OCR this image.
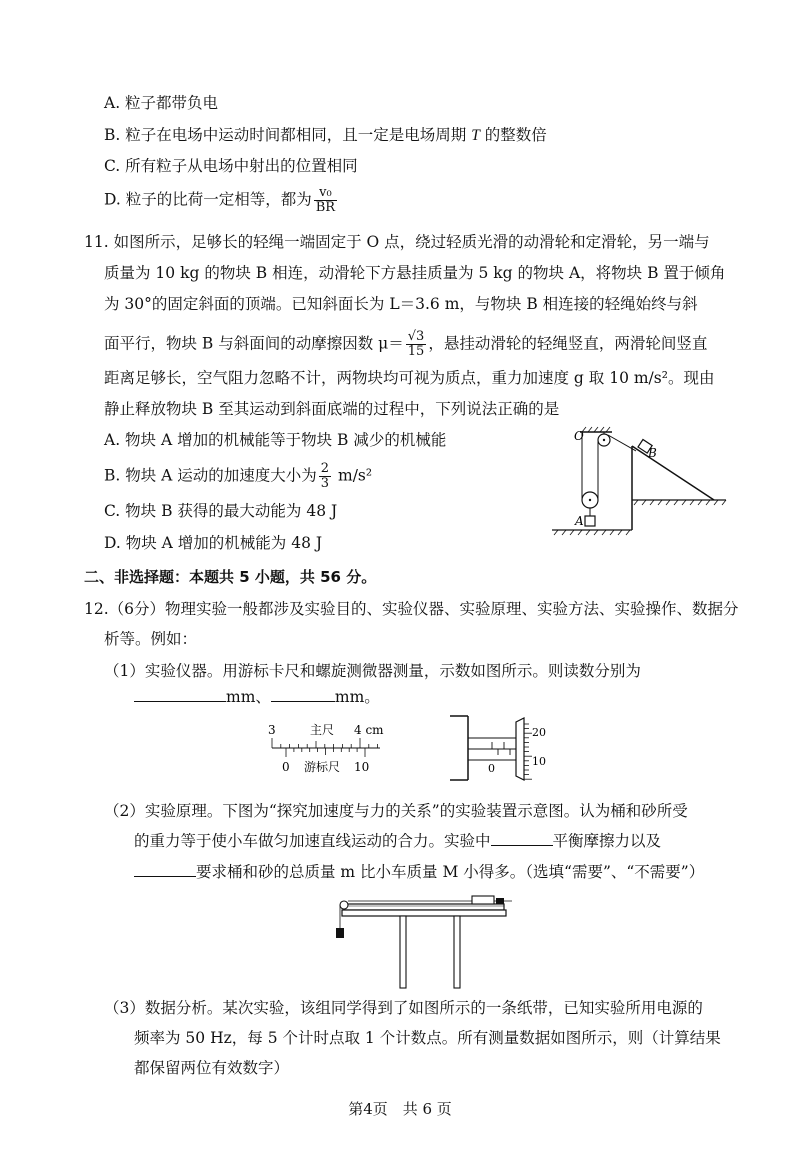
A. 粒子都带负电
B. 粒子在电场中运动时间都相同，且一定是电场周期 T 的整数倍
C. 所有粒子从电场中射出的位置相同
D. 粒子的比荷一定相等，都为 $\frac{\text{v₀}}{BR}$
11. 如图所示，足够长的轻绳一端固定于 O 点，绕过轻质光滑的动滑轮和定滑轮，另一端与
质量为 10 kg 的物块 B 相连，动滑轮下方悬挂质量为 5 kg 的物块 A，将物块 B 置于倾角
为 30°的固定斜面的顶端。已知斜面长为 L＝3.6 m，与物块 B 相连接的轻绳始终与斜
面平行，物块 B 与斜面间的动摩擦因数 $\mu= \frac{√3}{15}$ ，悬挂动滑轮的轻绳竖直，两滑轮间竖直
距离足够长，空气阻力忽略不计，两物块均可视为质点，重力加速度 g 取 10 m/s²。现由
静止释放物块 B 至其运动到斜面底端的过程中，下列说法正确的是
A. 物块 A 增加的机械能等于物块 B 减少的机械能
B. 物块 A 运动的加速度大小为 $\frac{2}{3} m/s^2$
C. 物块 B 获得的最大动能为 48 J
D. 物块 A 增加的机械能为 48 J
O
A
B
二、非选择题：本题共 5 小题，共 56 分。
12.（6分）物理实验一般都涉及实验目的、实验仪器、实验原理、实验方法、实验操作、数据分
析等。例如：
（1）实验仪器。用游标卡尺和螺旋测微器测量，示数如图所示。则读数分别为
mm、	mm。
3	主尺 4 cm
0 游标尺 10	0
20
10
（2）实验原理。下图为“探究加速度与力的关系”的实验装置示意图。认为桶和砂所受
的重力等于使小车做匀加速直线运动的合力。实验中	平衡摩擦力以及
要求桶和砂的总质量 m 比小车质量 M 小得多。（选填“需要”、“不需要”）
（3）数据分析。某次实验，该组同学得到了如图所示的一条纸带，已知实验所用电源的
频率为 50 Hz，每 5 个计时点取 1 个计数点。所有测量数据如图所示，则（计算结果
都保留两位有效数字）
第4页　共 6 页
